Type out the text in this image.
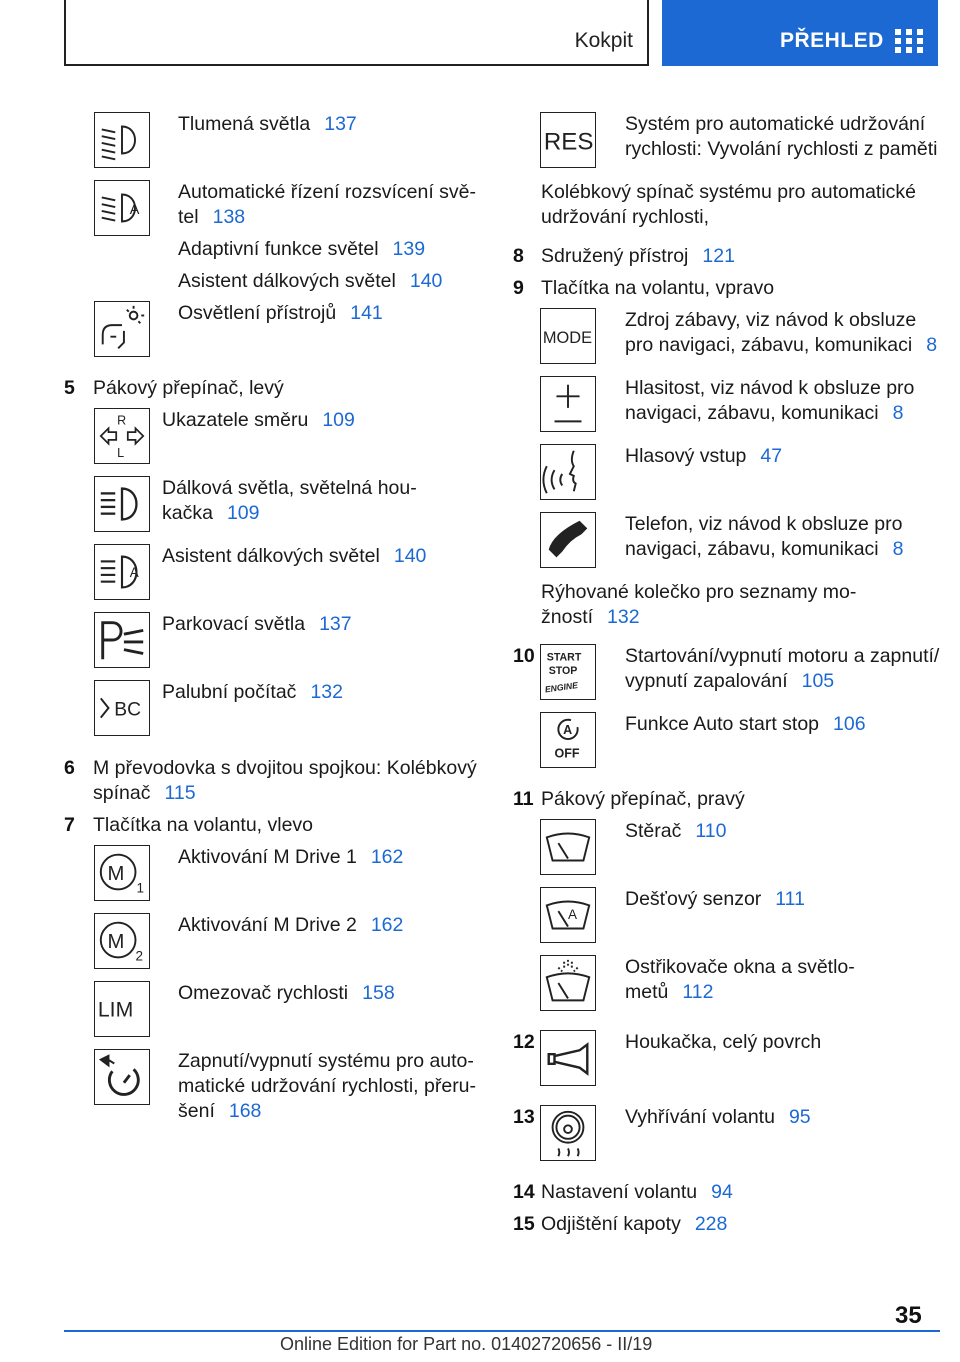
Kokpit	PŘEHLED
Tlumená světla 137
A
Automatické řízení rozsvícení svě-
tel 138
Adaptivní funkce světel 139
Asistent dálkových světel 140
Osvětlení přístrojů 141
5 Pákový přepínač, levý
R
L
Ukazatele směru 109
Dálková světla, světelná hou-
kačka 109
A
Asistent dálkových světel 140
Parkovací světla 137
BC
Palubní počítač 132
6 M převodovka s dvojitou spojkou: Kolébkový
spínač 115
7 Tlačítka na volantu, vlevo
M
1
Aktivování M Drive 1 162
M
2
Aktivování M Drive 2 162
LIM
Omezovač rychlosti 158
Zapnutí/vypnutí systému pro auto-
matické udržování rychlosti, přeru-
šení 168
RES
Systém pro automatické udržování
rychlosti: Vyvolání rychlosti z paměti
Kolébkový spínač systému pro automatické
udržování rychlosti,
8 Sdružený přístroj 121
9 Tlačítka na volantu, vpravo
MODE
Zdroj zábavy, viz návod k obsluze
pro navigaci, zábavu, komunikaci 8
Hlasitost, viz návod k obsluze pro
navigaci, zábavu, komunikaci 8
Hlasový vstup 47
Telefon, viz návod k obsluze pro
navigaci, zábavu, komunikaci 8
Rýhované kolečko pro seznamy mo-
žností 132
10 START
STOP
ENGINE
Startování/vypnutí motoru a zapnutí/
vypnutí zapalování 105
A
OFF
Funkce Auto start stop 106
11 Pákový přepínač, pravý
Stěrač 110
A
Dešťový senzor 111
Ostřikovače okna a světlo-
metů 112
12	Houkačka, celý povrch
13	Vyhřívání volantu 95
14 Nastavení volantu 94
15 Odjištění kapoty 228
35
Online Edition for Part no. 01402720656 - II/19
